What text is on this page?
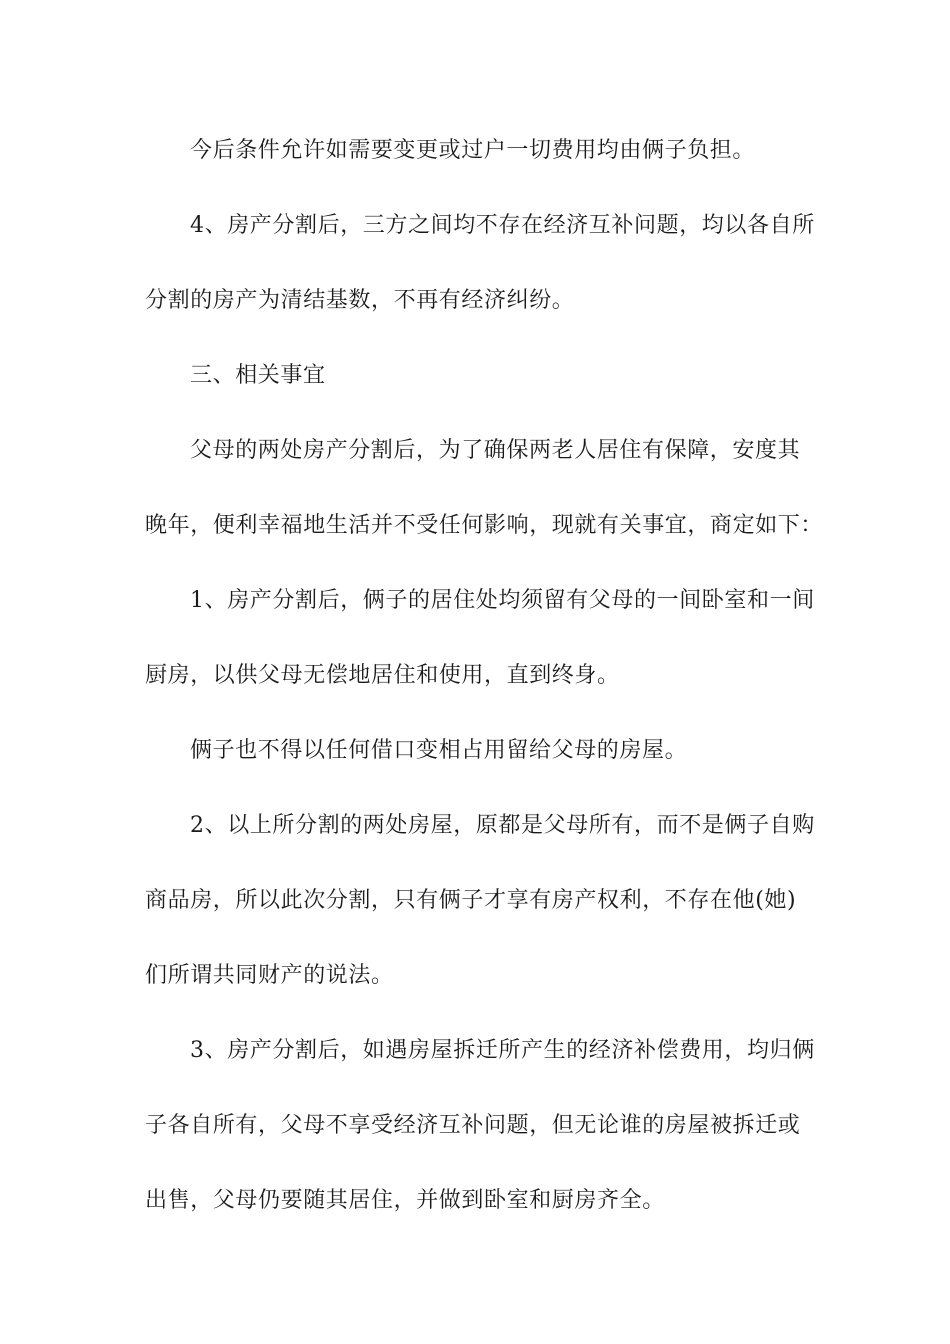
今后条件允许如需要变更或过户一切费用均由俩子负担。
4、房产分割后，三方之间均不存在经济互补问题，均以各自所
分割的房产为清结基数，不再有经济纠纷。
三、相关事宜
父母的两处房产分割后，为了确保两老人居住有保障，安度其
晚年，便利幸福地生活并不受任何影响，现就有关事宜，商定如下：
1、房产分割后，俩子的居住处均须留有父母的一间卧室和一间
厨房，以供父母无偿地居住和使用，直到终身。
俩子也不得以任何借口变相占用留给父母的房屋。
2、以上所分割的两处房屋，原都是父母所有，而不是俩子自购
商品房，所以此次分割，只有俩子才享有房产权利，不存在他(她)
们所谓共同财产的说法。
3、房产分割后，如遇房屋拆迁所产生的经济补偿费用，均归俩
子各自所有，父母不享受经济互补问题，但无论谁的房屋被拆迁或
出售，父母仍要随其居住，并做到卧室和厨房齐全。
